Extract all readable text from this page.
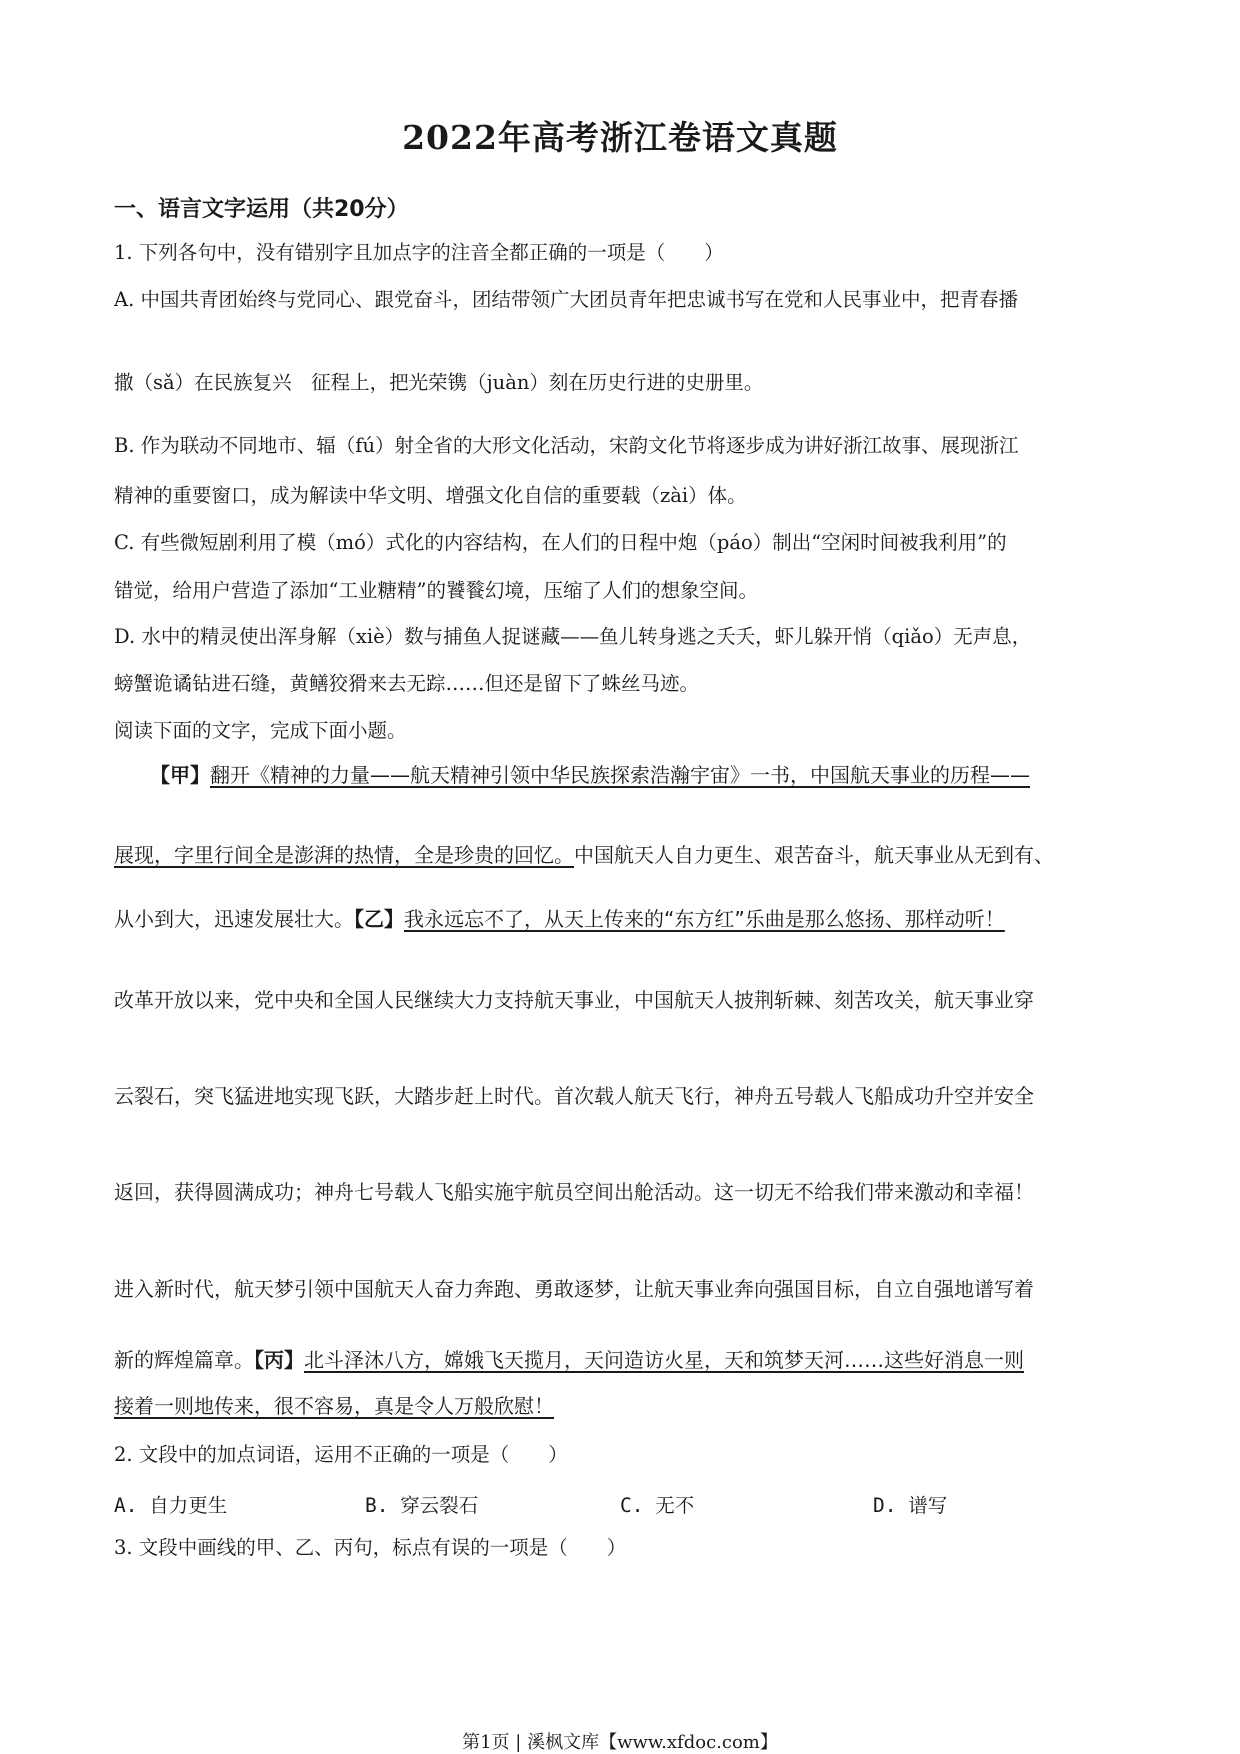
2022年高考浙江卷语文真题
一、语言文字运用（共20分）
1. 下列各句中，没有错别字且加点字的注音全都正确的一项是（　　）
A. 中国共青团始终与党同心、跟党奋斗，团结带领广大团员青年把忠诚书写在党和人民事业中，把青春播
撒（sǎ）在民族复兴　征程上，把光荣镌（juàn）刻在历史行进的史册里。
B. 作为联动不同地市、辐（fú）射全省的大形文化活动，宋韵文化节将逐步成为讲好浙江故事、展现浙江
精神的重要窗口，成为解读中华文明、增强文化自信的重要载（zài）体。
C. 有些微短剧利用了模（mó）式化的内容结构，在人们的日程中炮（páo）制出“空闲时间被我利用”的
错觉，给用户营造了添加“工业糖精”的饕餮幻境，压缩了人们的想象空间。
D. 水中的精灵使出浑身解（xiè）数与捕鱼人捉谜藏——鱼儿转身逃之夭夭，虾儿躲开悄（qiǎo）无声息，
螃蟹诡谲钻进石缝，黄鳝狡猾来去无踪……但还是留下了蛛丝马迹。
阅读下面的文字，完成下面小题。
【甲】翻开《精神的力量——航天精神引领中华民族探索浩瀚宇宙》一书，中国航天事业的历程——
展现，字里行间全是澎湃的热情，全是珍贵的回忆。中国航天人自力更生、艰苦奋斗，航天事业从无到有、
从小到大，迅速发展壮大。【乙】我永远忘不了，从天上传来的“东方红”乐曲是那么悠扬、那样动听！
改革开放以来，党中央和全国人民继续大力支持航天事业，中国航天人披荆斩棘、刻苦攻关，航天事业穿
云裂石，突飞猛进地实现飞跃，大踏步赶上时代。首次载人航天飞行，神舟五号载人飞船成功升空并安全
返回，获得圆满成功；神舟七号载人飞船实施宇航员空间出舱活动。这一切无不给我们带来激动和幸福！
进入新时代，航天梦引领中国航天人奋力奔跑、勇敢逐梦，让航天事业奔向强国目标，自立自强地谱写着
新的辉煌篇章。【丙】北斗泽沐八方，嫦娥飞天揽月，天问造访火星，天和筑梦天河……这些好消息一则
接着一则地传来，很不容易，真是令人万般欣慰！
2. 文段中的加点词语，运用不正确的一项是（　　）
A. 自力更生	B. 穿云裂石	C. 无不	D. 谱写
3. 文段中画线的甲、乙、丙句，标点有误的一项是（　　）
第1页 | 溪枫文库【www.xfdoc.com】
